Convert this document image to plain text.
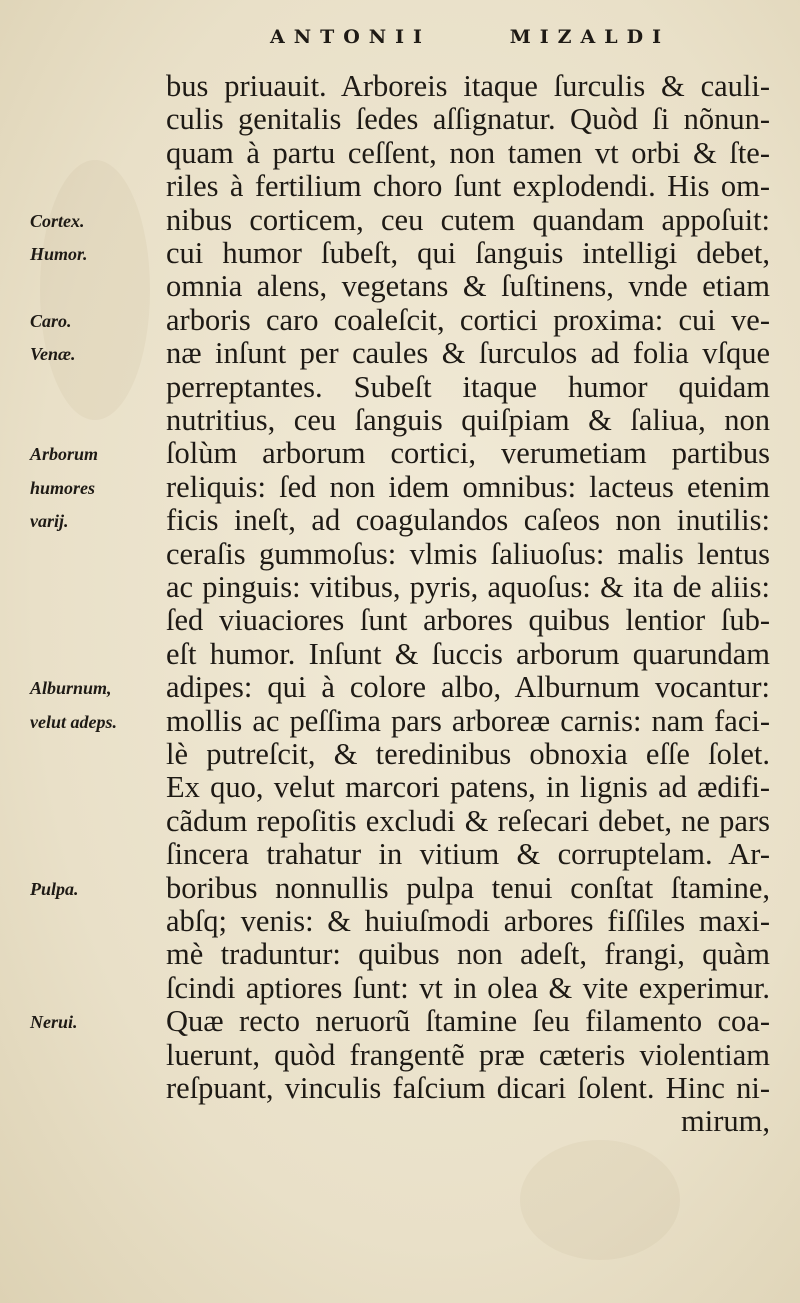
ANTONII	MIZALDI
bus priuauit. Arboreis itaque ſurculis & cauli-
culis genitalis ſedes aſſignatur. Quòd ſi nõnun-
quam à partu ceſſent, non tamen vt orbi & ſte-
riles à fertilium choro ſunt explodendi. His om-
nibus corticem, ceu cutem quandam appoſuit:
cui humor ſubeſt, qui ſanguis intelligi debet,
omnia alens, vegetans & ſuſtinens, vnde etiam
arboris caro coaleſcit, cortici proxima: cui ve-
næ inſunt per caules & ſurculos ad folia vſque
perreptantes. Subeſt itaque humor quidam
nutritius, ceu ſanguis quiſpiam & ſaliua, non
ſolùm arborum cortici, verumetiam partibus
reliquis: ſed non idem omnibus: lacteus etenim
ficis ineſt, ad coagulandos caſeos non inutilis:
ceraſis gummoſus: vlmis ſaliuoſus: malis lentus
ac pinguis: vitibus, pyris, aquoſus: & ita de aliis:
ſed viuaciores ſunt arbores quibus lentior ſub-
eſt humor. Inſunt & ſuccis arborum quarundam
adipes: qui à colore albo, Alburnum vocantur:
mollis ac peſſima pars arboreæ carnis: nam faci-
lè putreſcit, & teredinibus obnoxia eſſe ſolet.
Ex quo, velut marcori patens, in lignis ad ædifi-
cãdum repoſitis excludi & reſecari debet, ne pars
ſincera trahatur in vitium & corruptelam. Ar-
boribus nonnullis pulpa tenui conſtat ſtamine,
abſq; venis: & huiuſmodi arbores fiſſiles maxi-
mè traduntur: quibus non adeſt, frangi, quàm
ſcindi aptiores ſunt: vt in olea & vite experimur.
Quæ recto neruorũ ſtamine ſeu filamento coa-
luerunt, quòd frangentẽ præ cæteris violentiam
reſpuant, vinculis faſcium dicari ſolent. Hinc ni-
mirum,
Cortex.
Humor.
Caro.
Venæ.
Arborum
humores
varij.
Alburnum,
velut adeps.
Pulpa.
Nerui.
